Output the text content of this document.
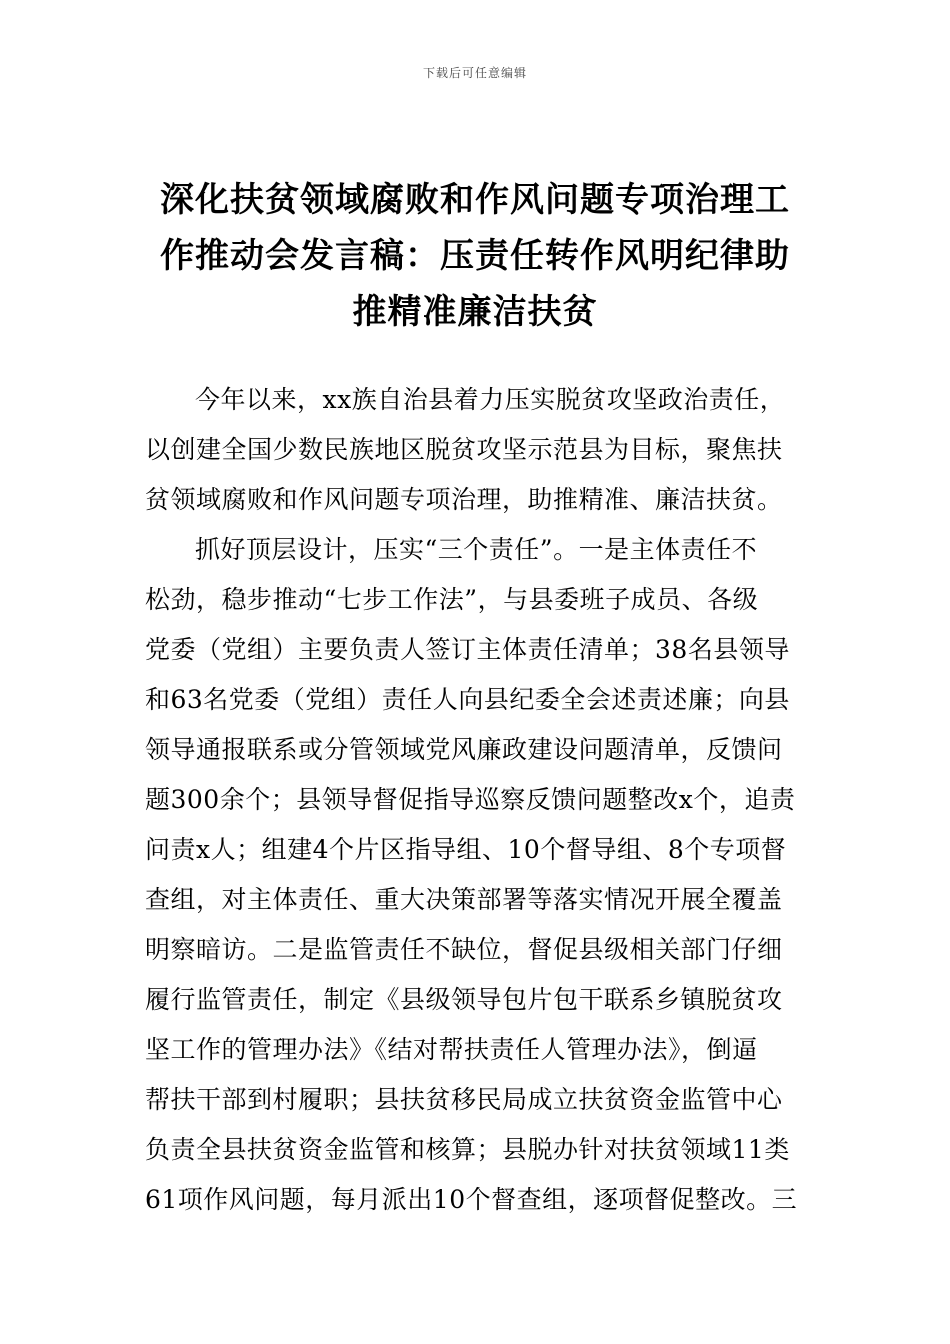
下载后可任意编辑
深化扶贫领域腐败和作风问题专项治理工
作推动会发言稿：压责任转作风明纪律助
推精准廉洁扶贫

今年以来，xx族自治县着力压实脱贫攻坚政治责任，
以创建全国少数民族地区脱贫攻坚示范县为目标，聚焦扶
贫领域腐败和作风问题专项治理，助推精准、廉洁扶贫。

抓好顶层设计，压实“三个责任”。一是主体责任不
松劲，稳步推动“七步工作法”，与县委班子成员、各级
党委（党组）主要负责人签订主体责任清单；38名县领导
和63名党委（党组）责任人向县纪委全会述责述廉；向县
领导通报联系或分管领域党风廉政建设问题清单，反馈问
题300余个；县领导督促指导巡察反馈问题整改x个，追责
问责x人；组建4个片区指导组、10个督导组、8个专项督
查组，对主体责任、重大决策部署等落实情况开展全覆盖
明察暗访。二是监管责任不缺位，督促县级相关部门仔细
履行监管责任，制定《县级领导包片包干联系乡镇脱贫攻
坚工作的管理办法》《结对帮扶责任人管理办法》，倒逼
帮扶干部到村履职；县扶贫移民局成立扶贫资金监管中心
负责全县扶贫资金监管和核算；县脱办针对扶贫领域11类
61项作风问题，每月派出10个督查组，逐项督促整改。三
